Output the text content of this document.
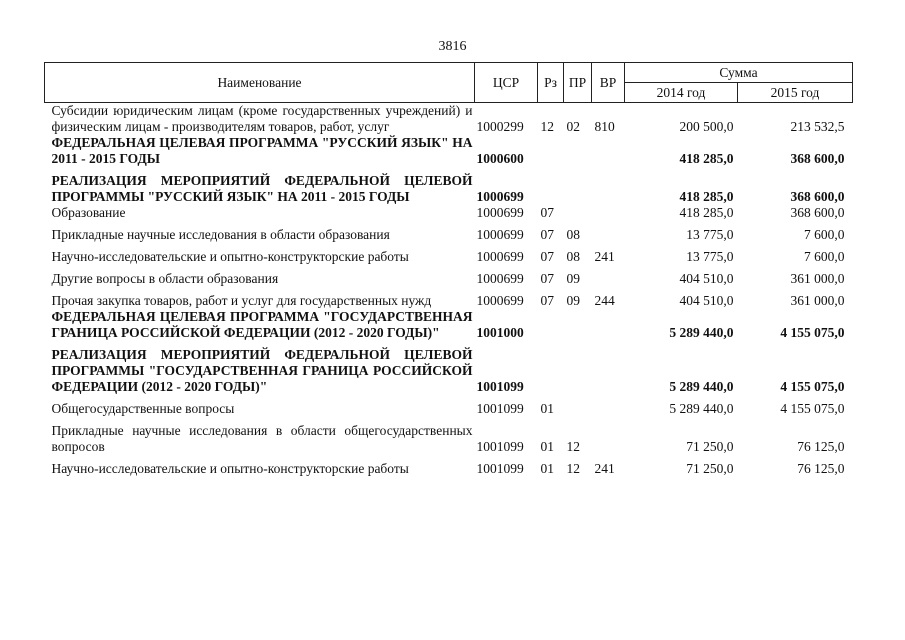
3816
Наименование	ЦСР	Рз	ПР	ВР	Сумма	
					2014 год	2015 год
Субсидии юридическим лицам (кроме государственных учреждений) и физическим лицам - производителям товаров, работ, услуг	1000299	12	02	810	200 500,0	213 532,5
ФЕДЕРАЛЬНАЯ ЦЕЛЕВАЯ ПРОГРАММА "РУССКИЙ ЯЗЫК" НА 2011 - 2015 ГОДЫ	1000600				418 285,0	368 600,0
РЕАЛИЗАЦИЯ МЕРОПРИЯТИЙ ФЕДЕРАЛЬНОЙ ЦЕЛЕВОЙ ПРОГРАММЫ "РУССКИЙ ЯЗЫК" НА 2011 - 2015 ГОДЫ	1000699				418 285,0	368 600,0
Образование	1000699	07			418 285,0	368 600,0
Прикладные научные исследования в области образования	1000699	07	08		13 775,0	7 600,0
Научно-исследовательские и опытно-конструкторские работы	1000699	07	08	241	13 775,0	7 600,0
Другие вопросы в области образования	1000699	07	09		404 510,0	361 000,0
Прочая закупка товаров, работ и услуг для государственных нужд	1000699	07	09	244	404 510,0	361 000,0
ФЕДЕРАЛЬНАЯ ЦЕЛЕВАЯ ПРОГРАММА "ГОСУДАРСТВЕННАЯ ГРАНИЦА РОССИЙСКОЙ ФЕДЕРАЦИИ (2012 - 2020 ГОДЫ)"	1001000				5 289 440,0	4 155 075,0
РЕАЛИЗАЦИЯ МЕРОПРИЯТИЙ ФЕДЕРАЛЬНОЙ ЦЕЛЕВОЙ ПРОГРАММЫ "ГОСУДАРСТВЕННАЯ ГРАНИЦА РОССИЙСКОЙ ФЕДЕРАЦИИ (2012 - 2020 ГОДЫ)"	1001099				5 289 440,0	4 155 075,0
Общегосударственные вопросы	1001099	01			5 289 440,0	4 155 075,0
Прикладные научные исследования в области общегосударственных вопросов	1001099	01	12		71 250,0	76 125,0
Научно-исследовательские и опытно-конструкторские работы	1001099	01	12	241	71 250,0	76 125,0
